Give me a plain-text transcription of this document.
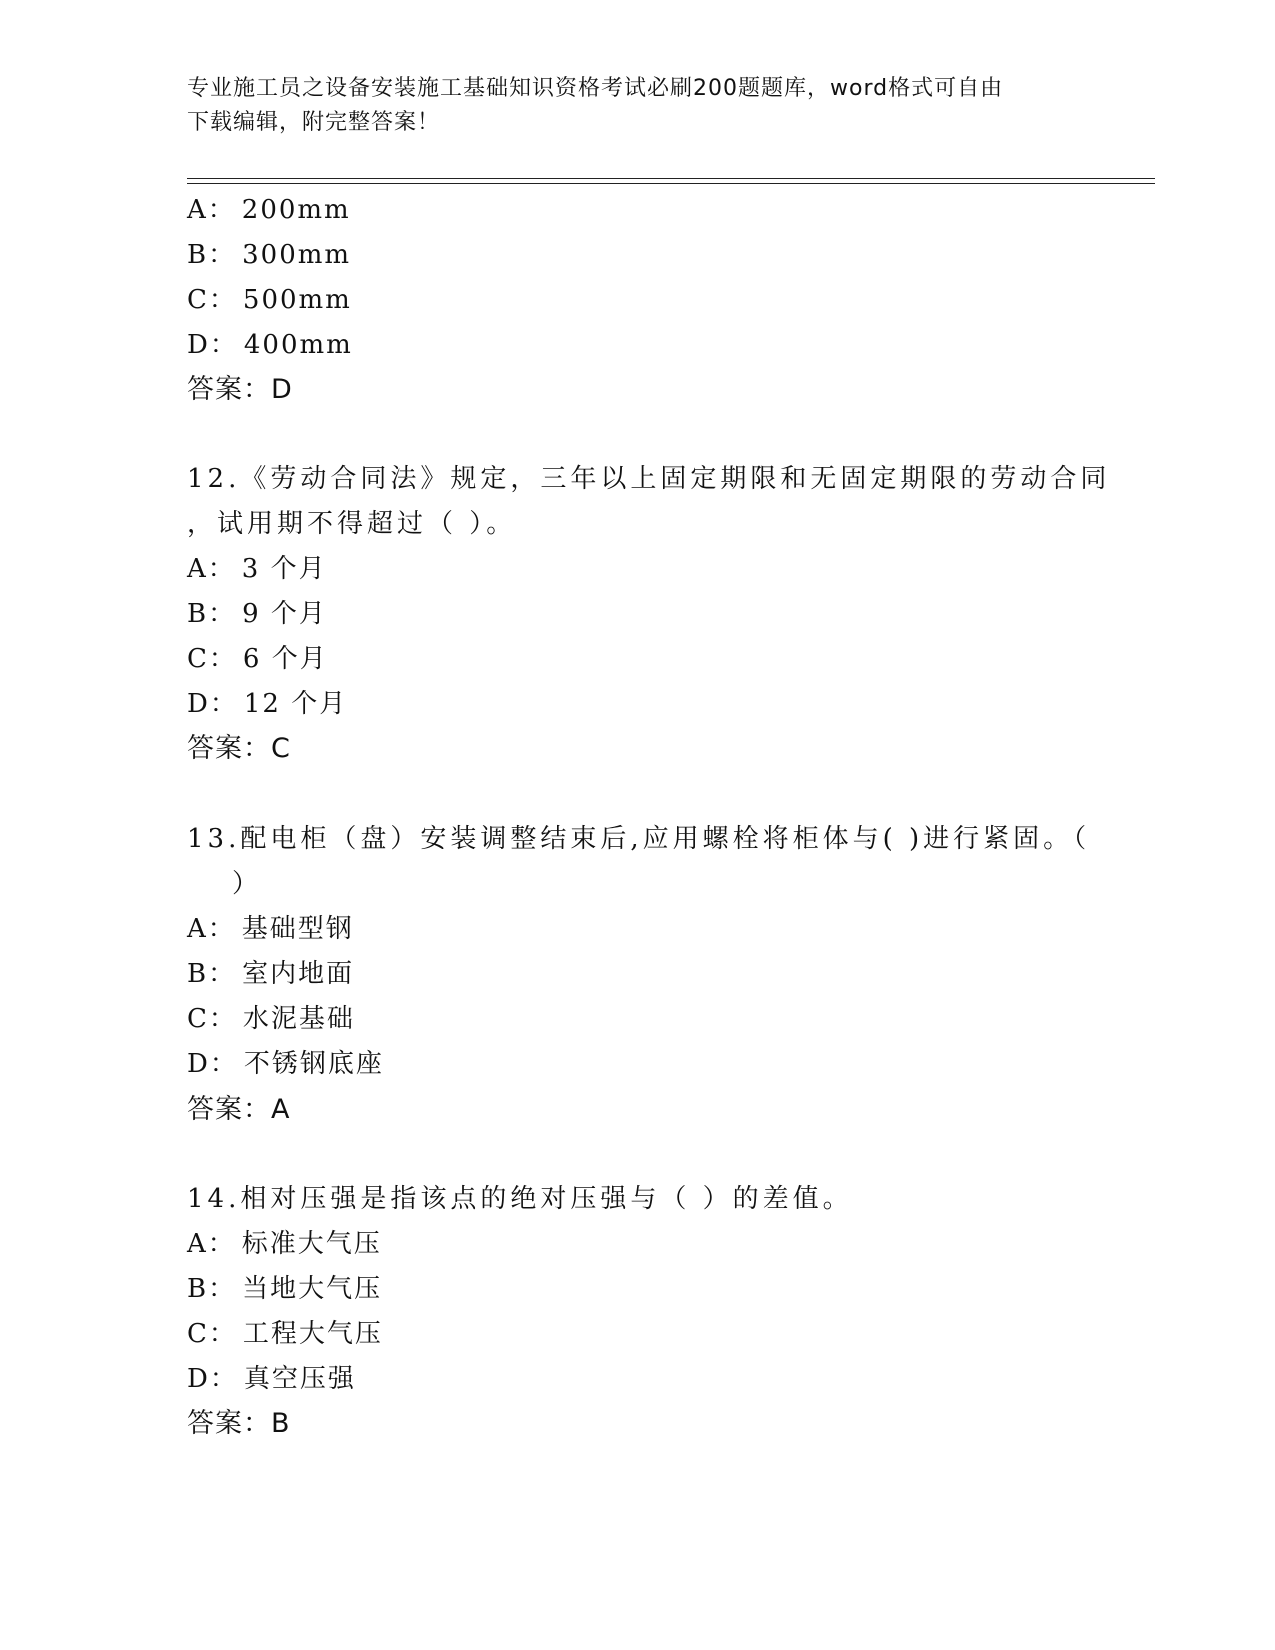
专业施工员之设备安装施工基础知识资格考试必刷200题题库，word格式可自由
下载编辑，附完整答案！
A： 200mm
B： 300mm
C： 500mm
D： 400mm
答案：D
12.《劳动合同法》规定，三年以上固定期限和无固定期限的劳动合同
，试用期不得超过（ ）。
A： 3 个月
B： 9 个月
C： 6 个月
D： 12 个月
答案：C
13.配电柜（盘）安装调整结束后,应用螺栓将柜体与( )进行紧固。（
）
A： 基础型钢
B： 室内地面
C： 水泥基础
D： 不锈钢底座
答案：A
14.相对压强是指该点的绝对压强与（ ）的差值。
A： 标准大气压
B： 当地大气压
C： 工程大气压
D： 真空压强
答案：B
